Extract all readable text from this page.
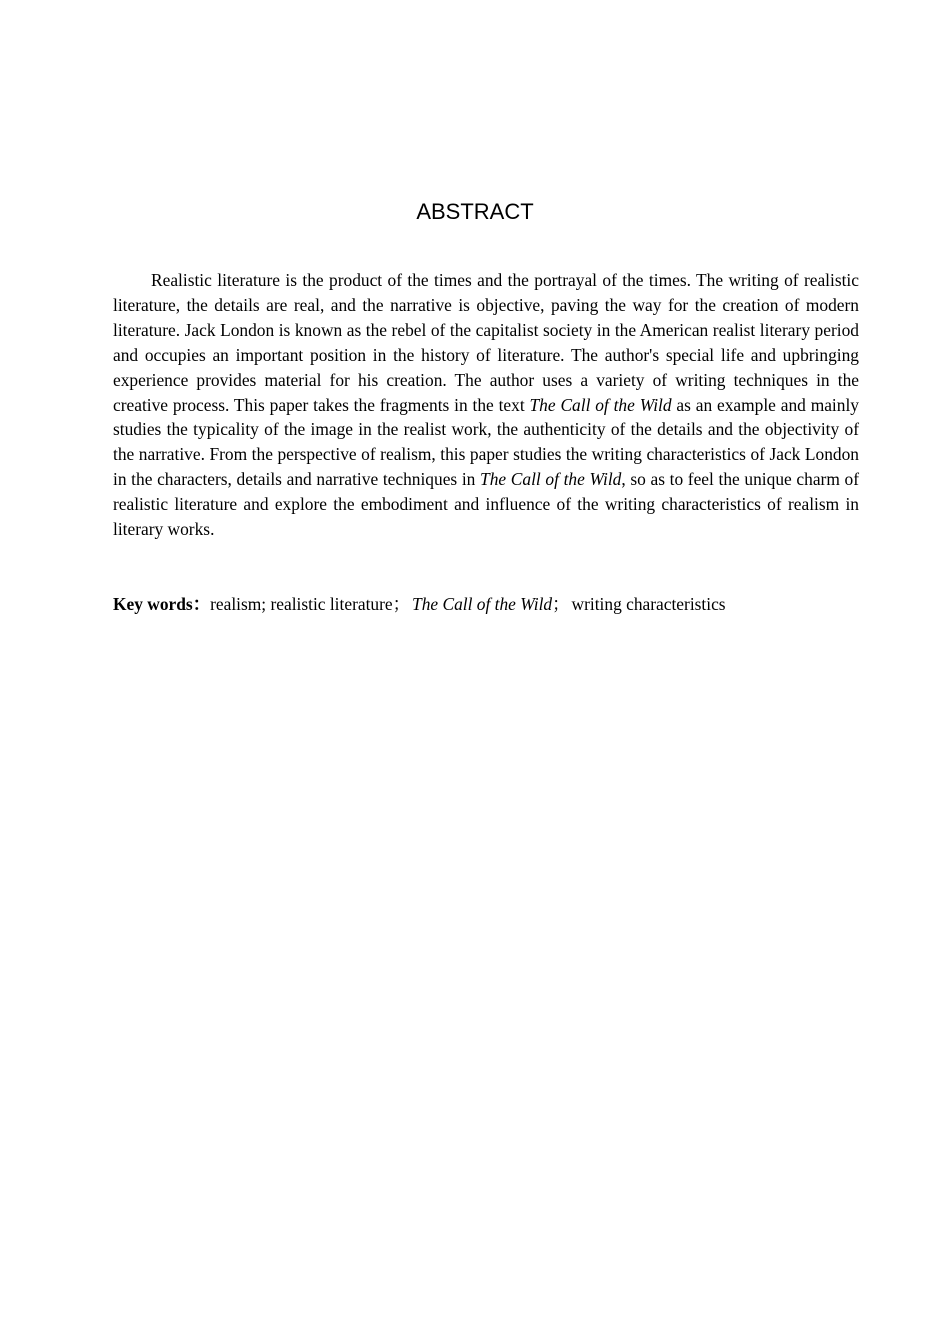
ABSTRACT

Realistic literature is the product of the times and the portrayal of the times. The writing of realistic literature, the details are real, and the narrative is objective, paving the way for the creation of modern literature. Jack London is known as the rebel of the capitalist society in the American realist literary period and occupies an important position in the history of literature. The author's special life and upbringing experience provides material for his creation. The author uses a variety of writing techniques in the creative process. This paper takes the fragments in the text The Call of the Wild as an example and mainly studies the typicality of the image in the realist work, the authenticity of the details and the objectivity of the narrative. From the perspective of realism, this paper studies the writing characteristics of Jack London in the characters, details and narrative techniques in The Call of the Wild, so as to feel the unique charm of realistic literature and explore the embodiment and influence of the writing characteristics of realism in literary works.

Key words：realism; realistic literature； The Call of the Wild； writing characteristics
